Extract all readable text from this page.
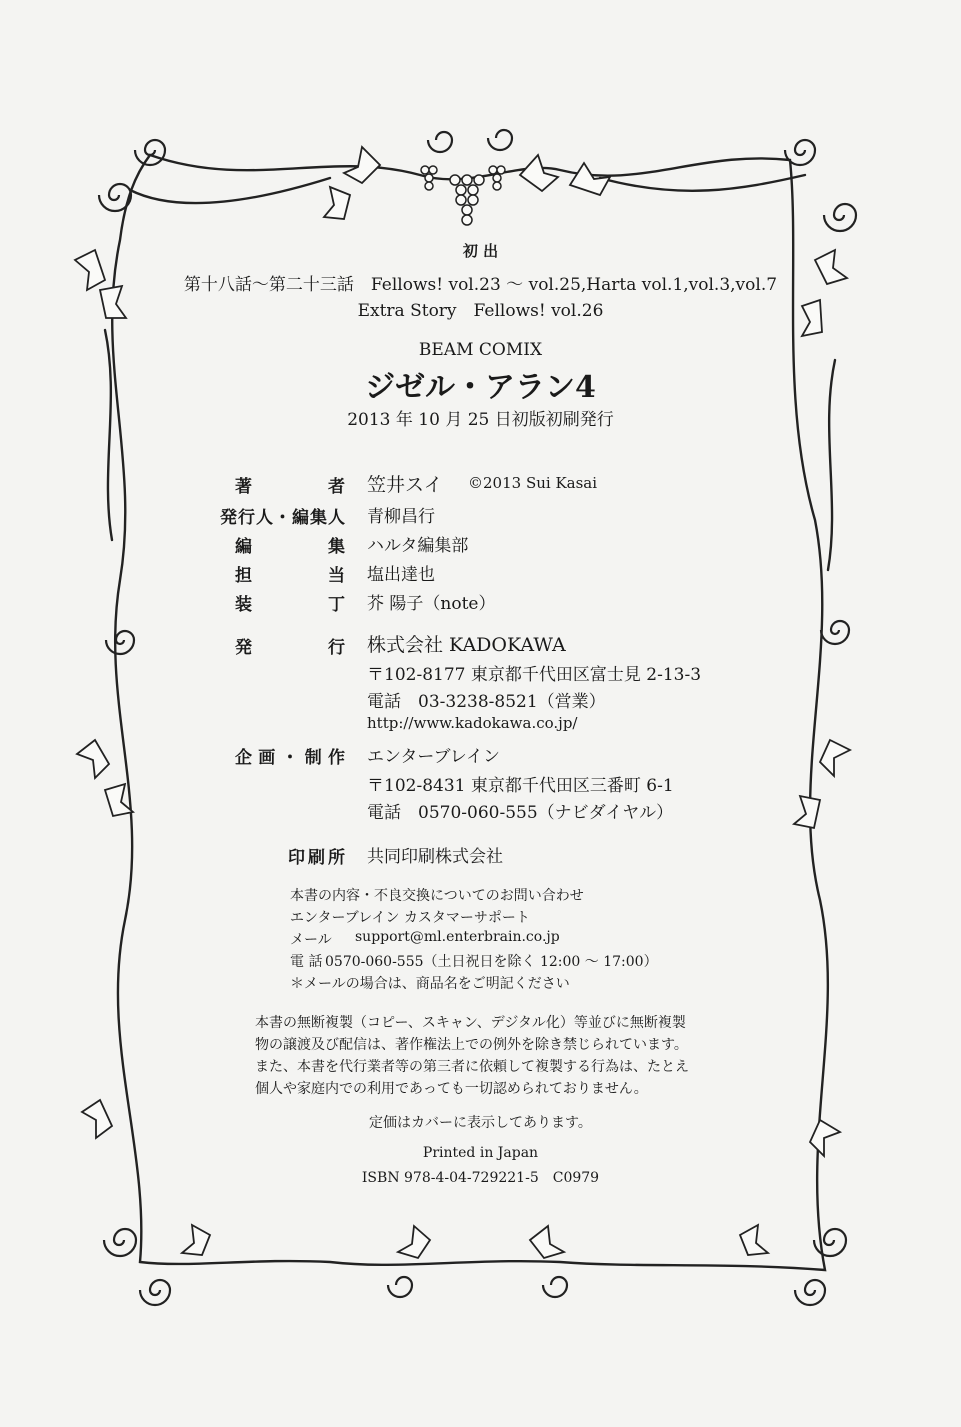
初 出
第十八話～第二十三話　Fellows! vol.23 ～ vol.25,Harta vol.1,vol.3,vol.7
Extra Story　Fellows! vol.26
BEAM COMIX
ジゼル・アラン4
2013 年 10 月 25 日初版初刷発行
著　者 笠井スイ ©2013 Sui Kasai
発行人・編集人 青柳昌行
編　集 ハルタ編集部
担　当 塩出達也
装　丁 芥 陽子（note）
発　行 株式会社 KADOKAWA
〒102-8177 東京都千代田区富士見 2-13-3
電話　03-3238-8521（営業）
http://www.kadokawa.co.jp/
企画・制作 エンターブレイン
〒102-8431 東京都千代田区三番町 6-1
電話　0570-060-555（ナビダイヤル）
印刷所 共同印刷株式会社
本書の内容・不良交換についてのお問い合わせ
エンターブレイン カスタマーサポート
メール support@ml.enterbrain.co.jp
電 話 0570-060-555（土日祝日を除く 12:00 ～ 17:00）
＊メールの場合は、商品名をご明記ください
本書の無断複製（コピー、スキャン、デジタル化）等並びに無断複製
物の譲渡及び配信は、著作権法上での例外を除き禁じられています。
また、本書を代行業者等の第三者に依頼して複製する行為は、たとえ
個人や家庭内での利用であっても一切認められておりません。
定価はカバーに表示してあります。
Printed in Japan
ISBN 978-4-04-729221-5　C0979
